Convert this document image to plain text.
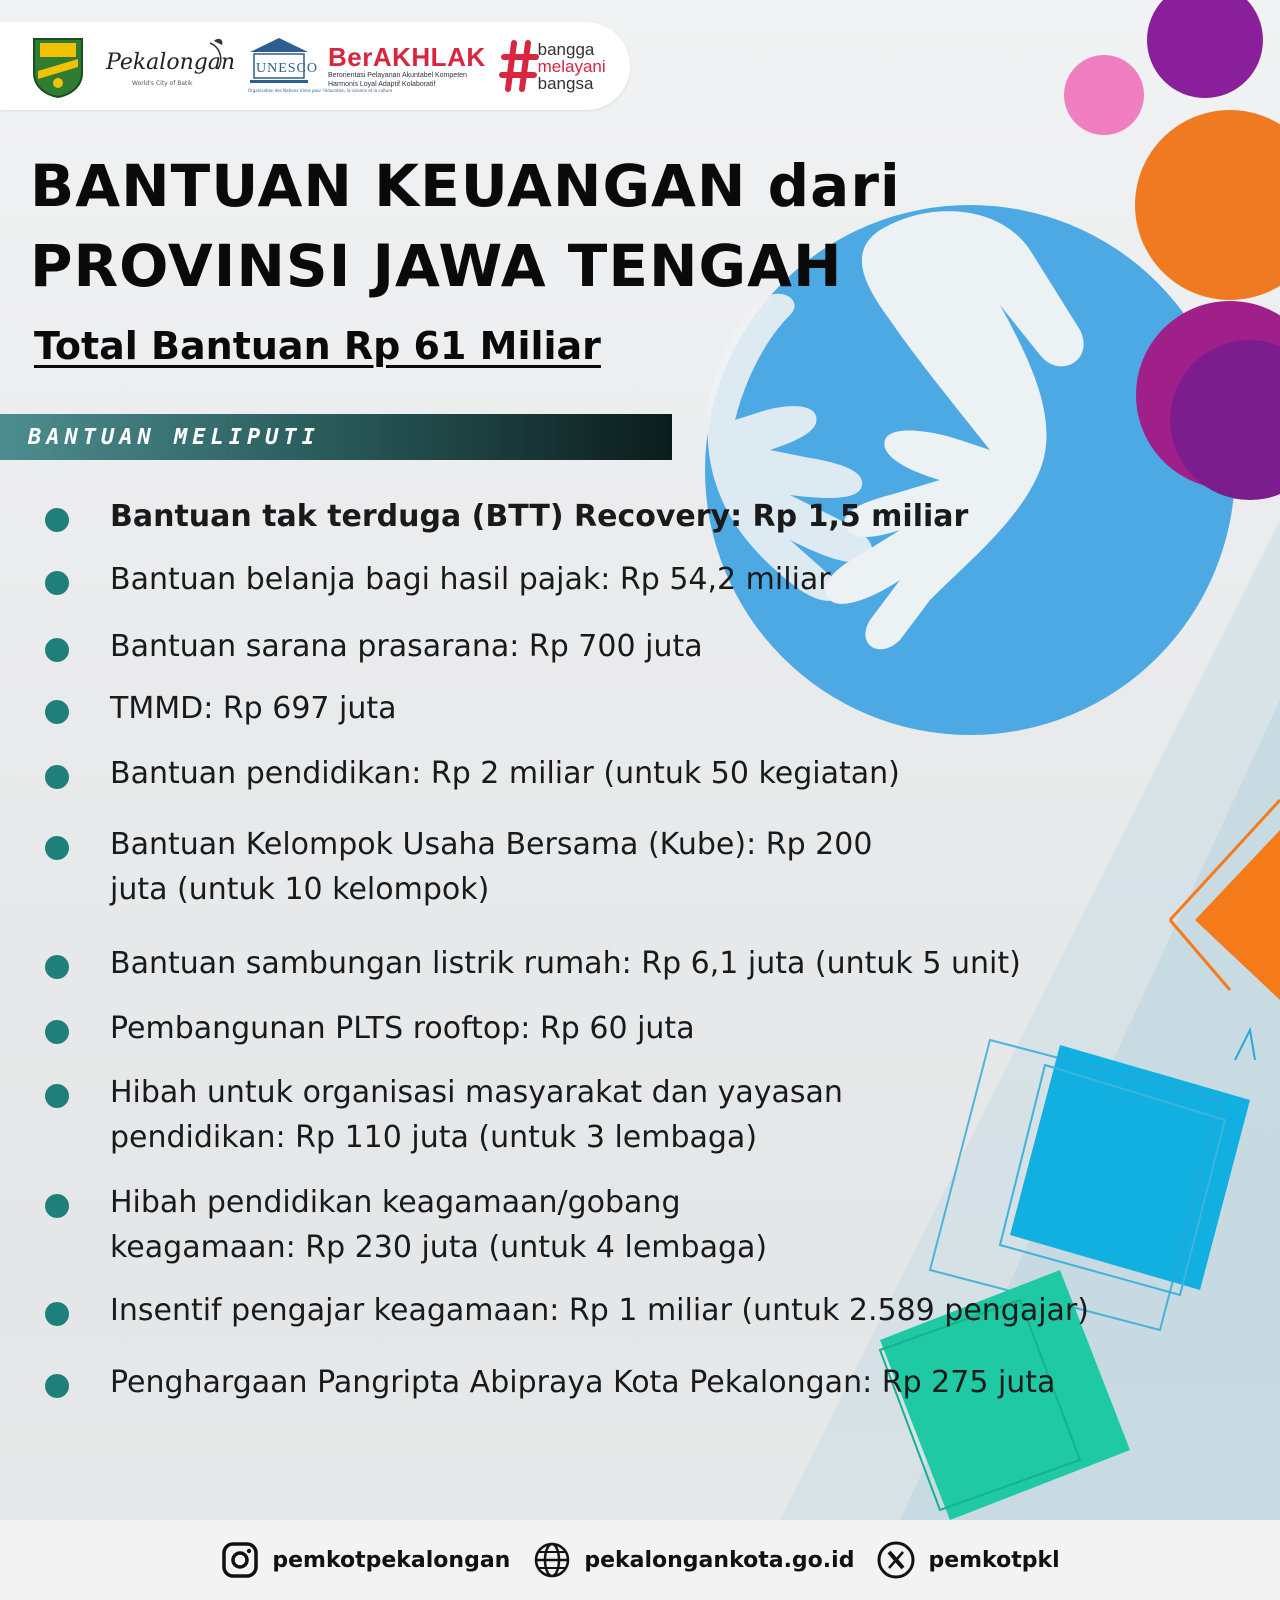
Pekalongan
World's City of Batik
UNESCO
Organisation des Nations Unies pour l'éducation, la science et la culture
BerAKHLAK
Berorientasi Pelayanan Akuntabel Kompeten
Harmonis Loyal Adaptif Kolaboratif
bangga
melayani
bangsa
BANTUAN KEUANGAN dari
PROVINSI JAWA TENGAH
Total Bantuan Rp 61 Miliar
BANTUAN MELIPUTI
Bantuan tak terduga (BTT) Recovery: Rp 1,5 miliar
Bantuan belanja bagi hasil pajak: Rp 54,2 miliar
Bantuan sarana prasarana: Rp 700 juta
TMMD: Rp 697 juta
Bantuan pendidikan: Rp 2 miliar (untuk 50 kegiatan)
Bantuan Kelompok Usaha Bersama (Kube): Rp 200
juta (untuk 10 kelompok)
Bantuan sambungan listrik rumah: Rp 6,1 juta (untuk 5 unit)
Pembangunan PLTS rooftop: Rp 60 juta
Hibah untuk organisasi masyarakat dan yayasan
pendidikan: Rp 110 juta (untuk 3 lembaga)
Hibah pendidikan keagamaan/gobang
keagamaan: Rp 230 juta (untuk 4 lembaga)
Insentif pengajar keagamaan: Rp 1 miliar (untuk 2.589 pengajar)
Penghargaan Pangripta Abipraya Kota Pekalongan: Rp 275 juta
pemkotpekalongan	pekalongankota.go.id	pemkotpkl
